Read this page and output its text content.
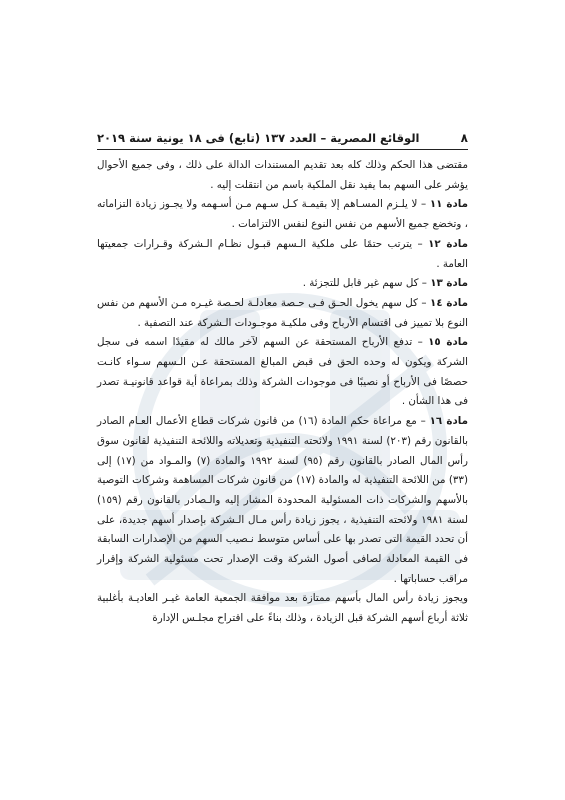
٨
الوقائع المصرية – العدد ١٣٧ (تابع) فى ١٨ يونية سنة ٢٠١٩

مقتضى هذا الحكم وذلك كله بعد تقديم المستندات الدالة على ذلك ، وفى جميع الأحوال يؤشر على السهم بما يفيد نقل الملكية باسم من انتقلت إليه .

مادة ١١ – لا يلـزم المسـاهم إلا بقيمـة كـل سـهم مـن أسـهمه ولا يجـوز زيادة التزاماته ، وتخضع جميع الأسهم من نفس النوع لنفس الالتزامات .

مادة ١٢ – يترتب حتمًا على ملكية الـسهم قبـول نظـام الـشركة وقـرارات جمعيتها العامة .

مادة ١٣ – كل سهم غير قابل للتجزئة .

مادة ١٤ – كل سهم يخول الحـق فـى حـصة معادلـة لحـصة غيـره مـن الأسهم من نفس النوع بلا تمييز فى اقتسام الأرباح وفى ملكيـة موجـودات الـشركة عند التصفية .

مادة ١٥ – تدفع الأرباح المستحقة عن السهم لآخر مالك له مقيدًا اسمه فى سجل الشركة ويكون له وحده الحق فى قبض المبالغ المستحقة عـن الـسهم سـواء كانـت حصصًا فى الأرباح أو نصيبًا فى موجودات الشركة وذلك بمراعاة أية قواعد قانونيـة تصدر فى هذا الشأن .

مادة ١٦ – مع مراعاة حكم المادة (١٦) من قانون شركات قطاع الأعمال العـام الصادر بالقانون رقم (٢٠٣) لسنة ١٩٩١ ولائحته التنفيذية وتعديلاته واللائحة التنفيذية لقانون سوق رأس المال الصادر بالقانون رقم (٩٥) لسنة ١٩٩٢ والمادة (٧) والمـواد من (١٧) إلى (٣٣) من اللائحة التنفيذية له والمادة (١٧) من قانون شركات المساهمة وشركات التوصية بالأسهم والشركات ذات المسئولية المحدودة المشار إليه والـصادر بالقانون رقم (١٥٩) لسنة ١٩٨١ ولائحته التنفيذية ، يجوز زيادة رأس مـال الـشركة بإصدار أسهم جديدة، على أن تحدد القيمة التى تصدر بها على أساس متوسط نـصيب السهم من الإصدارات السابقة فى القيمة المعادلة لصافى أصول الشركة وقت الإصدار تحت مسئولية الشركة وإقرار مراقب حساباتها .

ويجوز زيادة رأس المال بأسهم ممتازة بعد موافقة الجمعية العامة غيـر العاديـة بأغلبية ثلاثة أرباع أسهم الشركة قبل الزيادة ، وذلك بناءً على اقتراح مجلـس الإدارة
